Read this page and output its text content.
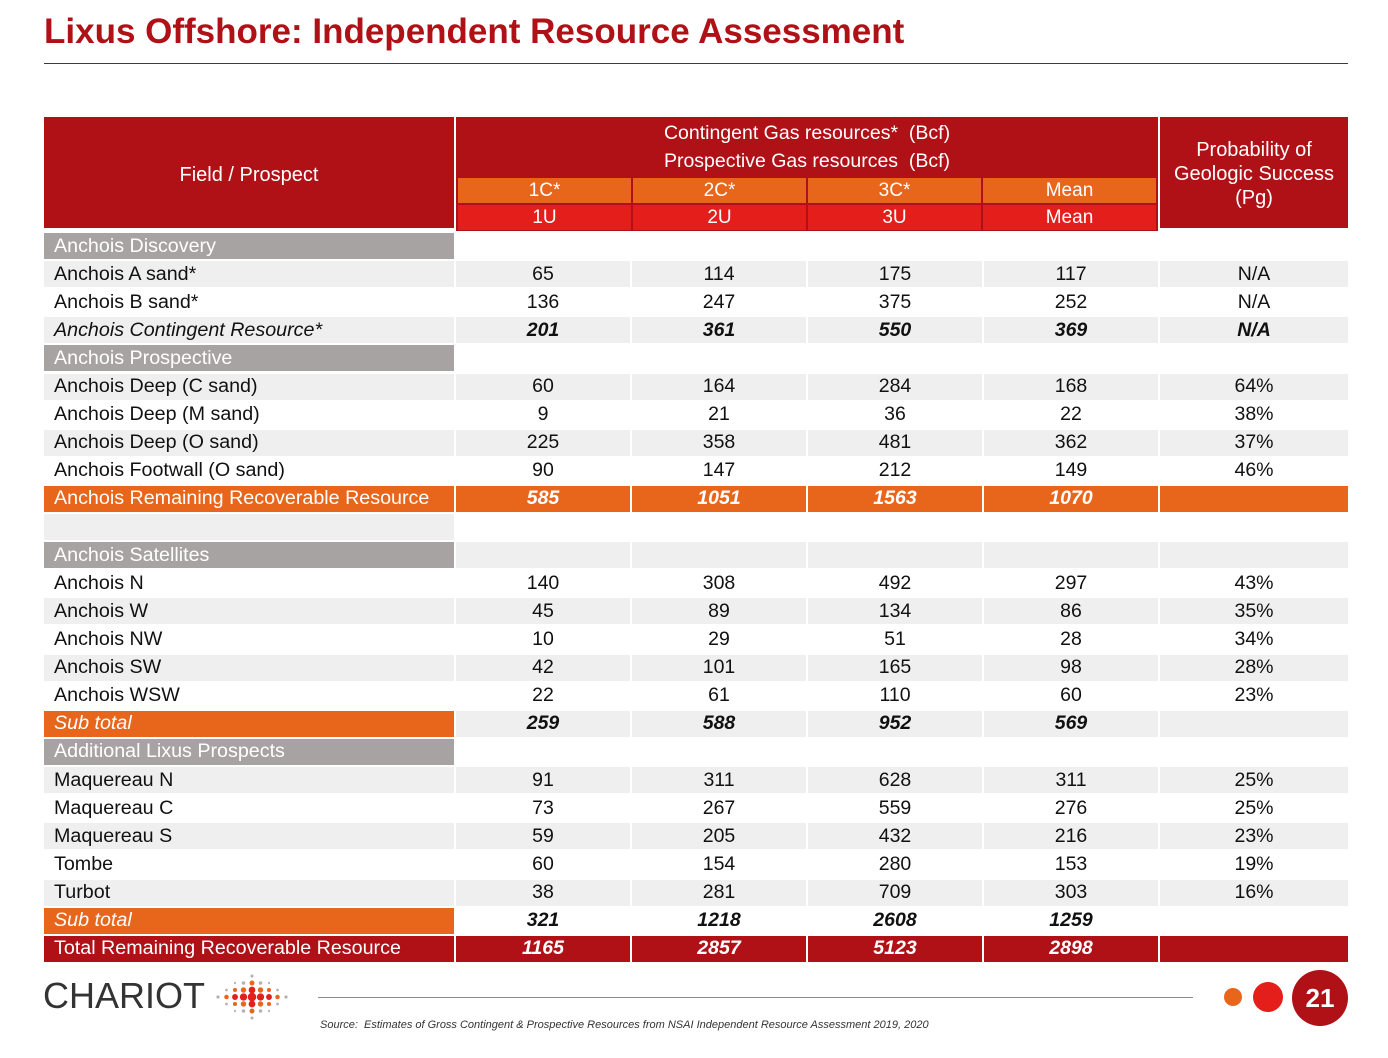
Lixus Offshore: Independent Resource Assessment
Field / Prospect
Contingent Gas resources*  (Bcf)
Prospective Gas resources  (Bcf)
1C*	2C*	3C*	Mean
1U	2U	3U	Mean
Probability of
Geologic Success
(Pg)
Anchois Discovery
Anchois A sand*	65	114	175	117	N/A
Anchois B sand*	136	247	375	252	N/A
Anchois Contingent Resource*	201	361	550	369	N/A
Anchois Prospective
Anchois Deep (C sand)	60	164	284	168	64%
Anchois Deep (M sand)	9	21	36	22	38%
Anchois Deep (O sand)	225	358	481	362	37%
Anchois Footwall (O sand)	90	147	212	149	46%
Anchois Remaining Recoverable Resource	585	1051	1563	1070
Anchois Satellites
Anchois N	140	308	492	297	43%
Anchois W	45	89	134	86	35%
Anchois NW	10	29	51	28	34%
Anchois SW	42	101	165	98	28%
Anchois WSW	22	61	110	60	23%
Sub total	259	588	952	569
Additional Lixus Prospects
Maquereau N	91	311	628	311	25%
Maquereau C	73	267	559	276	25%
Maquereau S	59	205	432	216	23%
Tombe	60	154	280	153	19%
Turbot	38	281	709	303	16%
Sub total	321	1218	2608	1259
Total Remaining Recoverable Resource	1165	2857	5123	2898
CHARIOT	21
Source:  Estimates of Gross Contingent & Prospective Resources from NSAI Independent Resource Assessment 2019, 2020
